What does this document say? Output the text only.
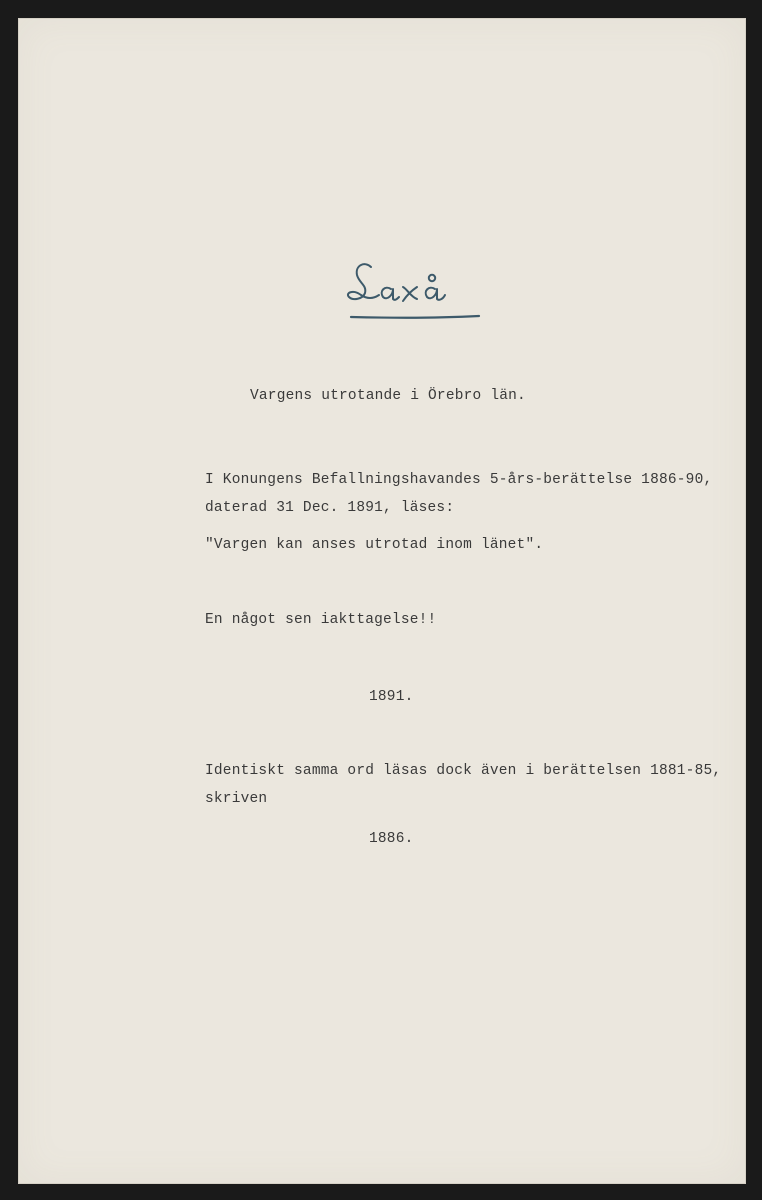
Vargens utrotande i Örebro län.
I Konungens Befallningshavandes 5-års-berättelse 1886-90,
daterad 31 Dec. 1891, läses:
"Vargen kan anses utrotad inom länet".
En något sen iakttagelse!!
1891.
Identiskt samma ord läsas dock även i berättelsen 1881-85,
skriven
1886.
